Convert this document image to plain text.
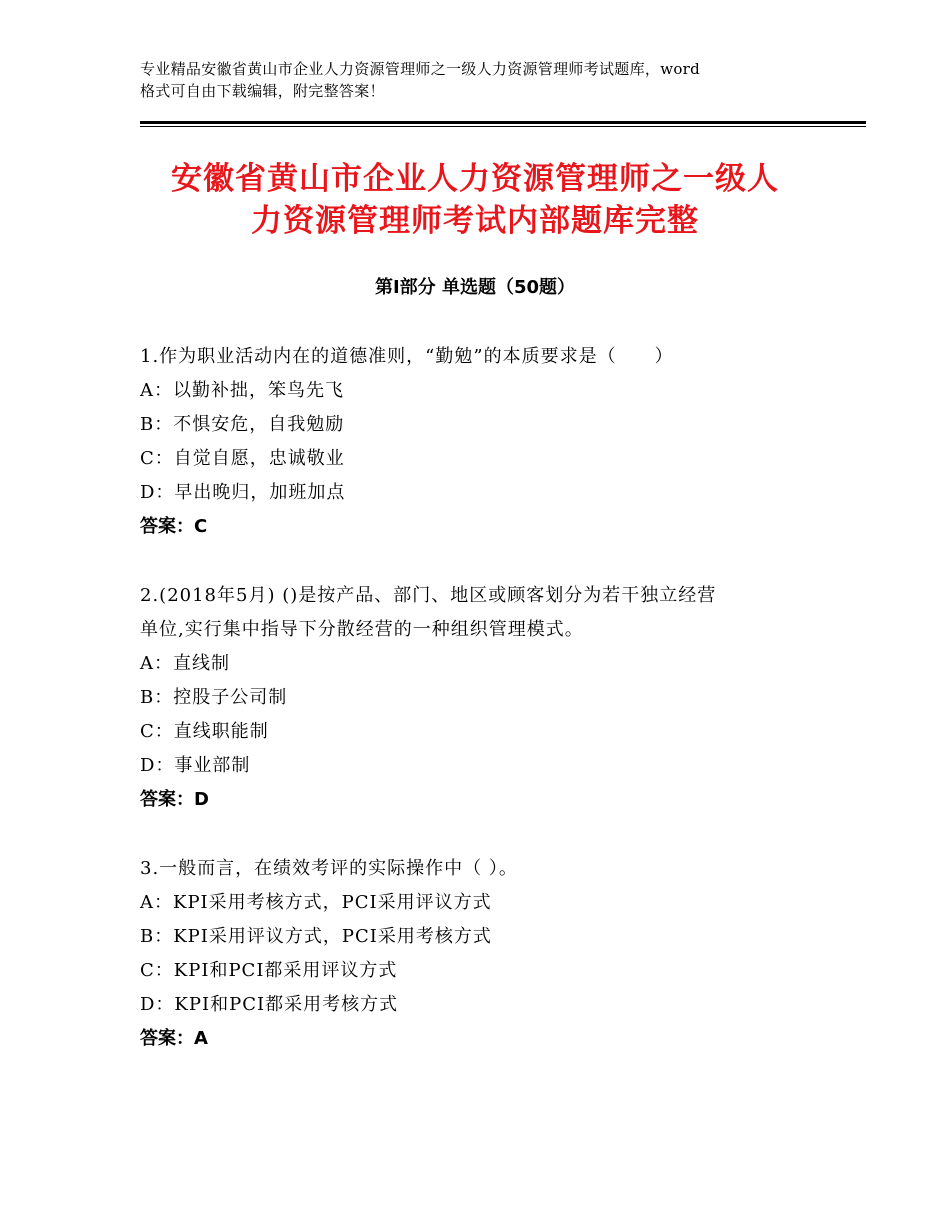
专业精品安徽省黄山市企业人力资源管理师之一级人力资源管理师考试题库，word
格式可自由下载编辑，附完整答案！
安徽省黄山市企业人力资源管理师之一级人
力资源管理师考试内部题库完整
第Ⅰ部分 单选题（50题）
1.作为职业活动内在的道德准则，“勤勉”的本质要求是（　　）
A：以勤补拙，笨鸟先飞
B：不惧安危，自我勉励
C：自觉自愿，忠诚敬业
D：早出晚归，加班加点
答案：C
2.(2018年5月) ()是按产品、部门、地区或顾客划分为若干独立经营
单位,实行集中指导下分散经营的一种组织管理模式。
A：直线制
B：控股子公司制
C：直线职能制
D：事业部制
答案：D
3.一般而言，在绩效考评的实际操作中（ ）。
A：KPI采用考核方式，PCI采用评议方式
B：KPI采用评议方式，PCI采用考核方式
C：KPI和PCI都采用评议方式
D：KPI和PCI都采用考核方式
答案：A
